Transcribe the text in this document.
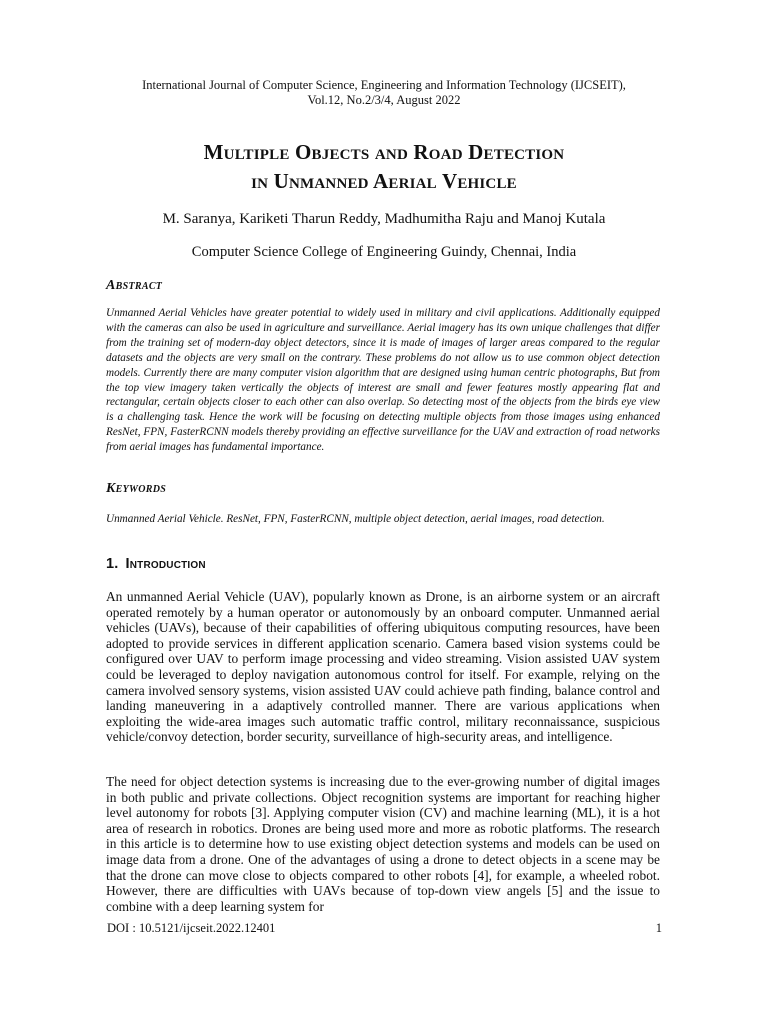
International Journal of Computer Science, Engineering and Information Technology (IJCSEIT),
Vol.12, No.2/3/4, August 2022
Multiple Objects and Road Detection
in Unmanned Aerial Vehicle
M. Saranya, Kariketi Tharun Reddy, Madhumitha Raju and Manoj Kutala
Computer Science College of Engineering Guindy, Chennai, India
Abstract
Unmanned Aerial Vehicles have greater potential to widely used in military and civil applications. Additionally equipped with the cameras can also be used in agriculture and surveillance. Aerial imagery has its own unique challenges that differ from the training set of modern-day object detectors, since it is made of images of larger areas compared to the regular datasets and the objects are very small on the contrary. These problems do not allow us to use common object detection models. Currently there are many computer vision algorithm that are designed using human centric photographs, But from the top view imagery taken vertically the objects of interest are small and fewer features mostly appearing flat and rectangular, certain objects closer to each other can also overlap. So detecting most of the objects from the birds eye view is a challenging task. Hence the work will be focusing on detecting multiple objects from those images using enhanced ResNet, FPN, FasterRCNN models thereby providing an effective surveillance for the UAV and extraction of road networks from aerial images has fundamental importance.
Keywords
Unmanned Aerial Vehicle. ResNet, FPN, FasterRCNN, multiple object detection, aerial images, road detection.
1. Introduction
An unmanned Aerial Vehicle (UAV), popularly known as Drone, is an airborne system or an aircraft operated remotely by a human operator or autonomously by an onboard computer. Unmanned aerial vehicles (UAVs), because of their capabilities of offering ubiquitous computing resources, have been adopted to provide services in different application scenario. Camera based vision systems could be configured over UAV to perform image processing and video streaming. Vision assisted UAV system could be leveraged to deploy navigation autonomous control for itself. For example, relying on the camera involved sensory systems, vision assisted UAV could achieve path finding, balance control and landing maneuvering in a adaptively controlled manner. There are various applications when exploiting the wide-area images such automatic traffic control, military reconnaissance, suspicious vehicle/convoy detection, border security, surveillance of high-security areas, and intelligence.
The need for object detection systems is increasing due to the ever-growing number of digital images in both public and private collections. Object recognition systems are important for reaching higher level autonomy for robots [3]. Applying computer vision (CV) and machine learning (ML), it is a hot area of research in robotics. Drones are being used more and more as robotic platforms. The research in this article is to determine how to use existing object detection systems and models can be used on image data from a drone. One of the advantages of using a drone to detect objects in a scene may be that the drone can move close to objects compared to other robots [4], for example, a wheeled robot. However, there are difficulties with UAVs because of top-down view angels [5] and the issue to combine with a deep learning system for
DOI : 10.5121/ijcseit.2022.12401	1
